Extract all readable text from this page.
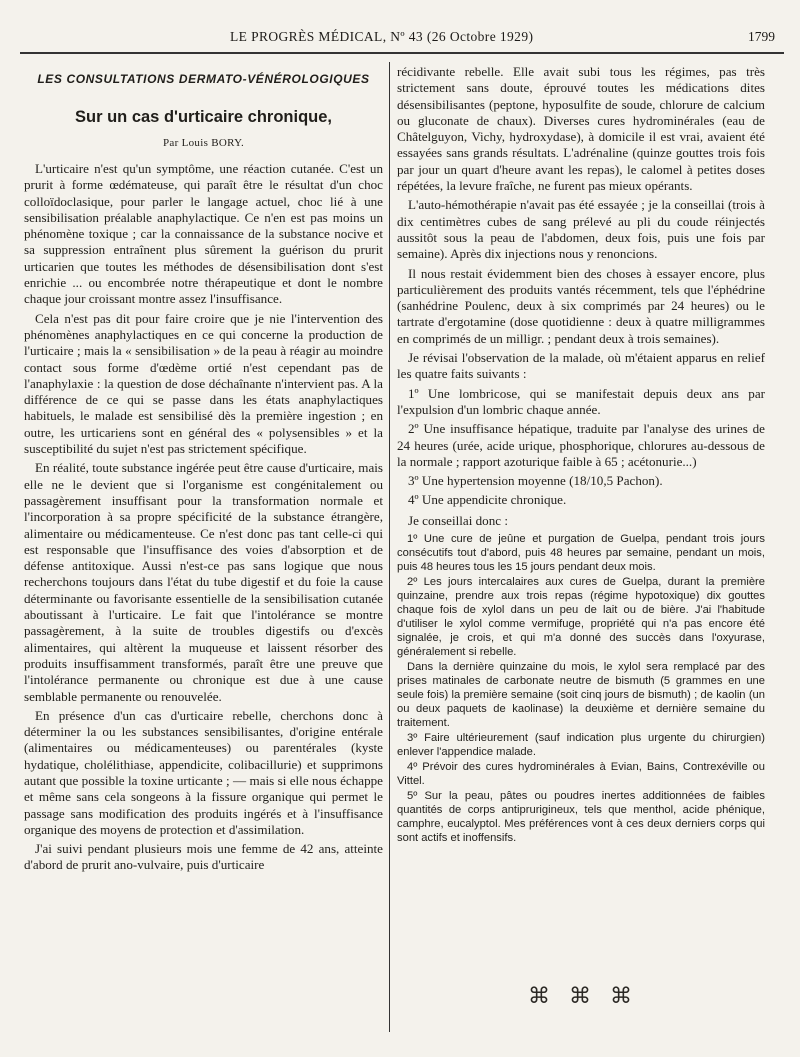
LE PROGRÈS MÉDICAL, Nº 43 (26 Octobre 1929)	1799
LES CONSULTATIONS DERMATO-VÉNÉROLOGIQUES
Sur un cas d'urticaire chronique,
Par Louis BORY.

L'urticaire n'est qu'un symptôme, une réaction cutanée. C'est un prurit à forme œdémateuse, qui paraît être le résultat d'un choc colloïdoclasique, pour parler le langage actuel, choc lié à une sensibilisation préalable anaphylactique. Ce n'en est pas moins un phénomène toxique ; car la connaissance de la substance nocive et sa suppression entraînent plus sûrement la guérison du prurit urticarien que toutes les méthodes de désensibilisation dont s'est enrichie ... ou encombrée notre thérapeutique et dont le nombre chaque jour croissant montre assez l'insuffisance.

Cela n'est pas dit pour faire croire que je nie l'intervention des phénomènes anaphylactiques en ce qui concerne la production de l'urticaire ; mais la « sensibilisation » de la peau à réagir au moindre contact sous forme d'œdème ortié n'est cependant pas de l'anaphylaxie : la question de dose déchaînante n'intervient pas. A la différence de ce qui se passe dans les états anaphylactiques habituels, le malade est sensibilisé dès la première ingestion ; en outre, les urticariens sont en général des « polysensibles » et la susceptibilité du sujet n'est pas strictement spécifique.

En réalité, toute substance ingérée peut être cause d'urticaire, mais elle ne le devient que si l'organisme est congénitalement ou passagèrement insuffisant pour la transformation normale et l'incorporation à sa propre spécificité de la substance étrangère, alimentaire ou médicamenteuse. Ce n'est donc pas tant celle-ci qui est responsable que l'insuffisance des voies d'absorption et de défense antitoxique. Aussi n'est-ce pas sans logique que nous recherchons toujours dans l'état du tube digestif et du foie la cause déterminante ou favorisante essentielle de la sensibilisation cutanée aboutissant à l'urticaire. Le fait que l'intolérance se montre passagèrement, à la suite de troubles digestifs ou d'excès alimentaires, qui altèrent la muqueuse et laissent résorber des produits insuffisamment transformés, paraît être une preuve que l'intolérance permanente ou chronique est due à une cause semblable permanente ou renouvelée.

En présence d'un cas d'urticaire rebelle, cherchons donc à déterminer la ou les substances sensibilisantes, d'origine entérale (alimentaires ou médicamenteuses) ou parentérales (kyste hydatique, cholélithiase, appendicite, colibacillurie) et supprimons autant que possible la toxine urticante ; — mais si elle nous échappe et même sans cela songeons à la fissure organique qui permet le passage sans modification des produits ingérés et à l'insuffisance organique des moyens de protection et d'assimilation.

J'ai suivi pendant plusieurs mois une femme de 42 ans, atteinte d'abord de prurit ano-vulvaire, puis d'urticaire

récidivante rebelle. Elle avait subi tous les régimes, pas très strictement sans doute, éprouvé toutes les médications dites désensibilisantes (peptone, hyposulfite de soude, chlorure de calcium ou gluconate de chaux). Diverses cures hydrominérales (eau de Châtelguyon, Vichy, hydroxydase), à domicile il est vrai, avaient été essayées sans grands résultats. L'adrénaline (quinze gouttes trois fois par jour un quart d'heure avant les repas), le calomel à petites doses répétées, la levure fraîche, ne furent pas mieux opérants.

L'auto-hémothérapie n'avait pas été essayée ; je la conseillai (trois à dix centimètres cubes de sang prélevé au pli du coude réinjectés aussitôt sous la peau de l'abdomen, deux fois, puis une fois par semaine). Après dix injections nous y renoncions.

Il nous restait évidemment bien des choses à essayer encore, plus particulièrement des produits vantés récemment, tels que l'éphédrine (sanhédrine Poulenc, deux à six comprimés par 24 heures) ou le tartrate d'ergotamine (dose quotidienne : deux à quatre milligrammes en comprimés de un milligr. ; pendant deux à trois semaines).

Je révisai l'observation de la malade, où m'étaient apparus en relief les quatre faits suivants :

1º Une lombricose, qui se manifestait depuis deux ans par l'expulsion d'un lombric chaque année.

2º Une insuffisance hépatique, traduite par l'analyse des urines de 24 heures (urée, acide urique, phosphorique, chlorures au-dessous de la normale ; rapport azoturique faible à 65 ; acétonurie...)

3º Une hypertension moyenne (18/10,5 Pachon).

4º Une appendicite chronique.

Je conseillai donc :

1º Une cure de jeûne et purgation de Guelpa, pendant trois jours consécutifs tout d'abord, puis 48 heures par semaine, pendant un mois, puis 48 heures tous les 15 jours pendant deux mois.

2º Les jours intercalaires aux cures de Guelpa, durant la première quinzaine, prendre aux trois repas (régime hypotoxique) dix gouttes chaque fois de xylol dans un peu de lait ou de bière. J'ai l'habitude d'utiliser le xylol comme vermifuge, propriété qui n'a pas encore été signalée, je crois, et qui m'a donné des succès dans l'oxyurase, généralement si rebelle.

Dans la dernière quinzaine du mois, le xylol sera remplacé par des prises matinales de carbonate neutre de bismuth (5 grammes en une seule fois) la première semaine (soit cinq jours de bismuth) ; de kaolin (un ou deux paquets de kaolinase) la deuxième et dernière semaine du traitement.

3º Faire ultérieurement (sauf indication plus urgente du chirurgien) enlever l'appendice malade.

4º Prévoir des cures hydrominérales à Evian, Bains, Contrexéville ou Vittel.

5º Sur la peau, pâtes ou poudres inertes additionnées de faibles quantités de corps antiprurigineux, tels que menthol, acide phénique, camphre, eucalyptol. Mes préférences vont à ces deux derniers corps qui sont actifs et inoffensifs.

⌘ ⌘ ⌘
